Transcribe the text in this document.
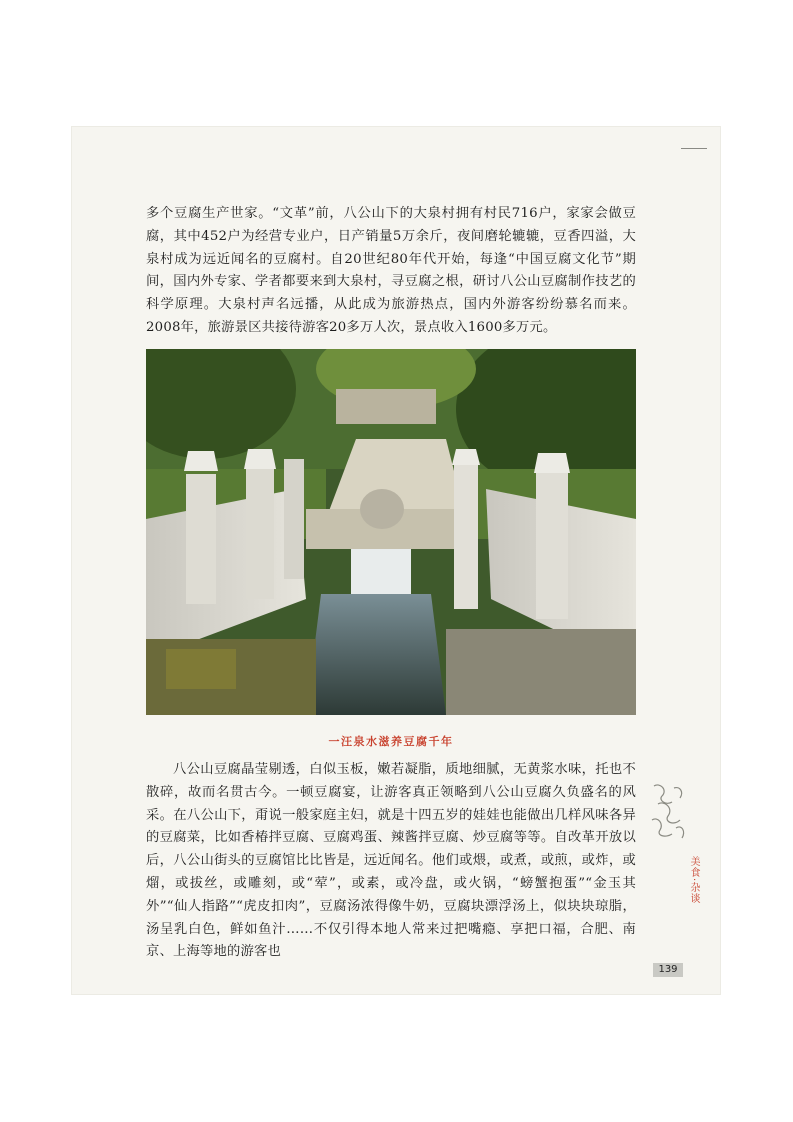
多个豆腐生产世家。“文革”前，八公山下的大泉村拥有村民716户，家家会做豆腐，其中452户为经营专业户，日产销量5万余斤，夜间磨轮辘辘，豆香四溢，大泉村成为远近闻名的豆腐村。自20世纪80年代开始，每逢“中国豆腐文化节”期间，国内外专家、学者都要来到大泉村，寻豆腐之根，研讨八公山豆腐制作技艺的科学原理。大泉村声名远播，从此成为旅游热点，国内外游客纷纷慕名而来。2008年，旅游景区共接待游客20多万人次，景点收入1600多万元。

一汪泉水滋养豆腐千年

八公山豆腐晶莹剔透，白似玉板，嫩若凝脂，质地细腻，无黄浆水味，托也不散碎，故而名贯古今。一顿豆腐宴，让游客真正领略到八公山豆腐久负盛名的风采。在八公山下，甭说一般家庭主妇，就是十四五岁的娃娃也能做出几样风味各异的豆腐菜，比如香椿拌豆腐、豆腐鸡蛋、辣酱拌豆腐、炒豆腐等等。自改革开放以后，八公山街头的豆腐馆比比皆是，远近闻名。他们或煨，或煮，或煎，或炸，或熘，或拔丝，或雕刻，或“荤”，或素，或冷盘，或火锅，“螃蟹抱蛋”“金玉其外”“仙人指路”“虎皮扣肉”，豆腐汤浓得像牛奶，豆腐块漂浮汤上，似块块琼脂，汤呈乳白色，鲜如鱼汁……不仅引得本地人常来过把嘴瘾、享把口福，合肥、南京、上海等地的游客也

美食·杂谈
139
